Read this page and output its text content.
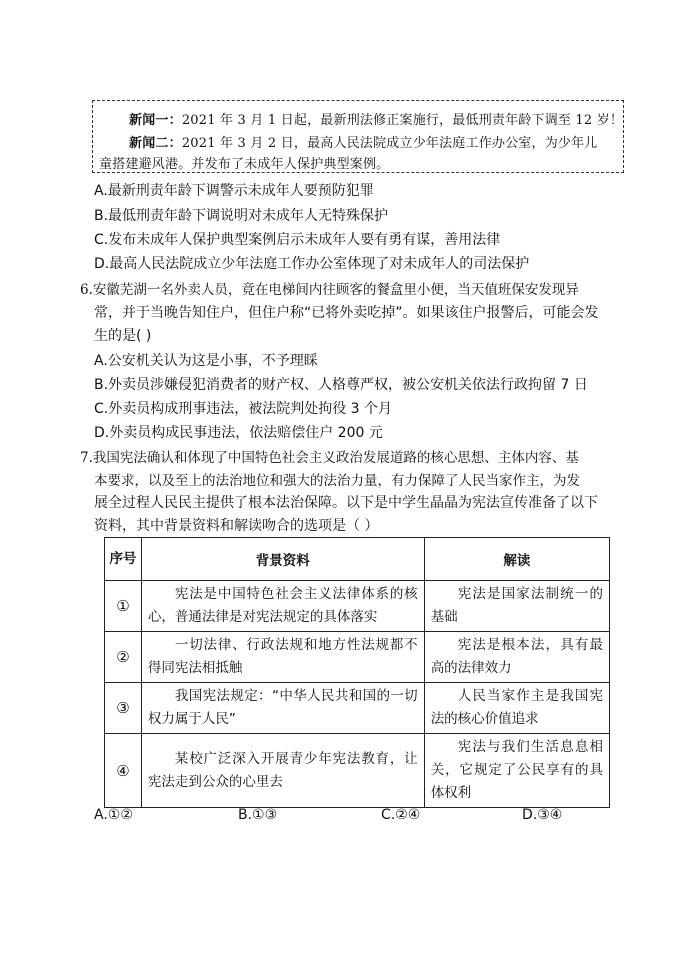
新闻一：2021 年 3 月 1 日起，最新刑法修正案施行，最低刑责年龄下调至 12 岁！
新闻二：2021 年 3 月 2 日，最高人民法院成立少年法庭工作办公室，为少年儿
童搭建避风港。并发布了未成年人保护典型案例。
A.最新刑责年龄下调警示未成年人要预防犯罪
B.最低刑责年龄下调说明对未成年人无特殊保护
C.发布未成年人保护典型案例启示未成年人要有勇有谋，善用法律
D.最高人民法院成立少年法庭工作办公室体现了对未成年人的司法保护
6.安徽芜湖一名外卖人员，竟在电梯间内往顾客的餐盒里小便，当天值班保安发现异
常，并于当晚告知住户，但住户称“已将外卖吃掉”。如果该住户报警后，可能会发
生的是( )
A.公安机关认为这是小事，不予理睬
B.外卖员涉嫌侵犯消费者的财产权、人格尊严权，被公安机关依法行政拘留 7 日
C.外卖员构成刑事违法，被法院判处拘役 3 个月
D.外卖员构成民事违法，依法赔偿住户 200 元
7.我国宪法确认和体现了中国特色社会主义政治发展道路的核心思想、主体内容、基
本要求，以及至上的法治地位和强大的法治力量，有力保障了人民当家作主，为发
展全过程人民民主提供了根本法治保障。以下是中学生晶晶为宪法宣传准备了以下
资料，其中背景资料和解读吻合的选项是（ ）
序号	背景资料	解读
①	宪法是中国特色社会主义法律体系的核心，普通法律是对宪法规定的具体落实	宪法是国家法制统一的基础

②	一切法律、行政法规和地方性法规都不得同宪法相抵触	宪法是根本法，具有最高的法律效力

③	我国宪法规定：“中华人民共和国的一切权力属于人民”	人民当家作主是我国宪法的核心价值追求

④	某校广泛深入开展青少年宪法教育，让宪法走到公众的心里去	宪法与我们生活息息相关，它规定了公民享有的具体权利
A.①②	B.①③	C.②④	D.③④
